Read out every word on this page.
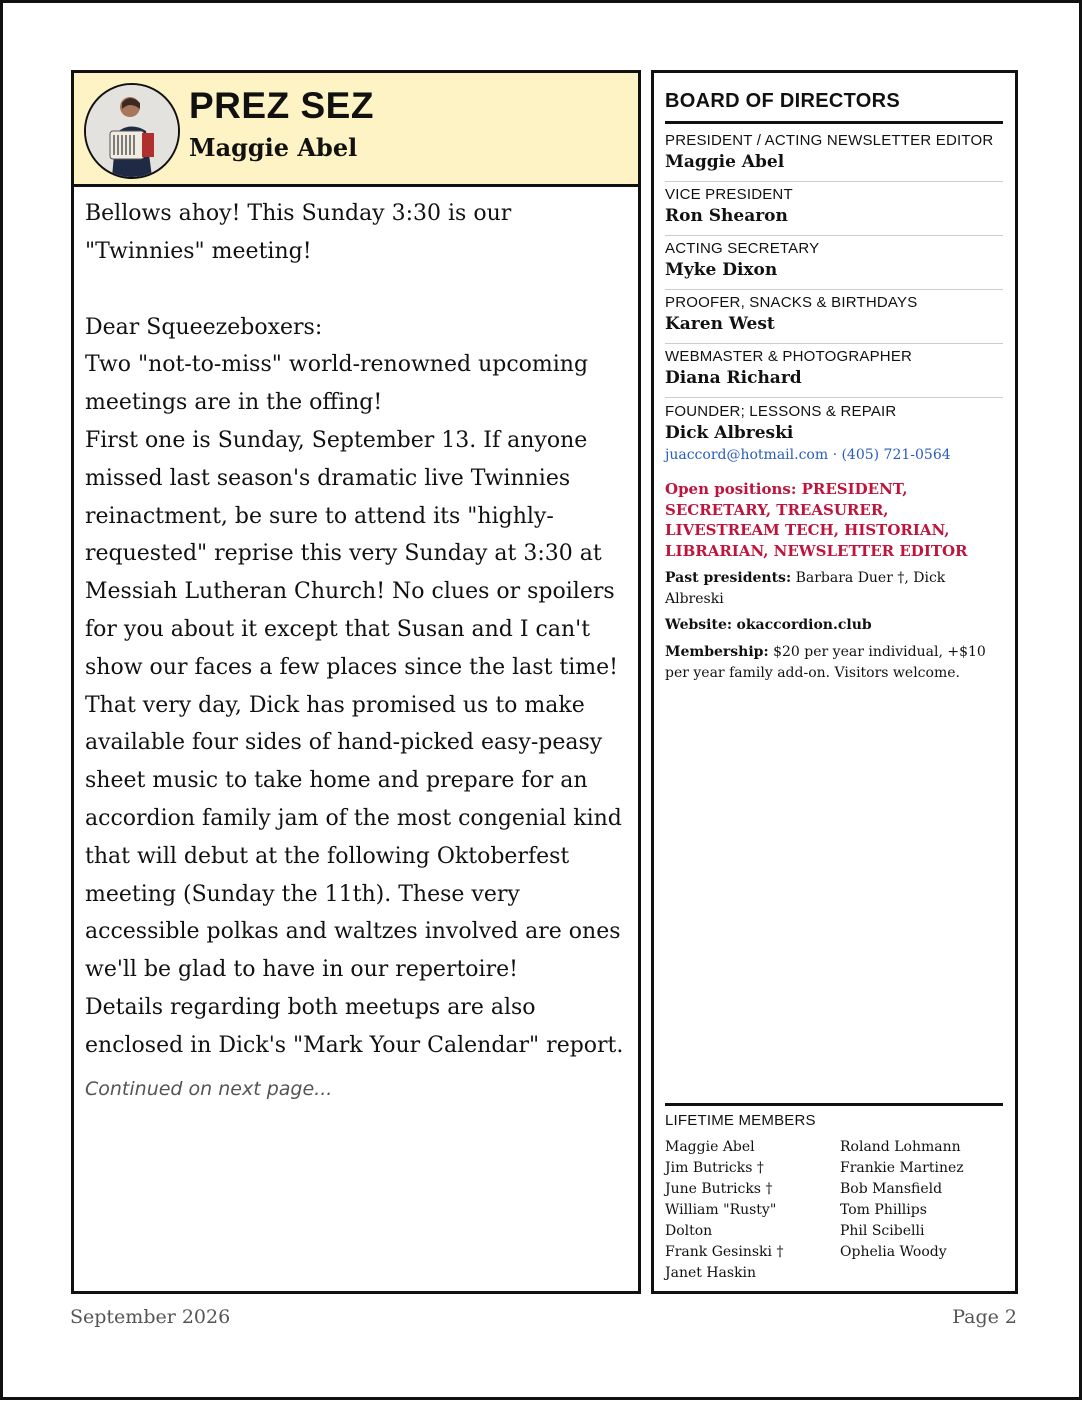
PREZ SEZ

Maggie Abel

Bellows ahoy! This Sunday 3:30 is our "Twinnies" meeting!

Dear Squeezeboxers:

Two "not-to-miss" world-renowned upcoming meetings are in the offing!

First one is Sunday, September 13. If anyone missed last season's dramatic live Twinnies reinactment, be sure to attend its "highly-requested" reprise this very Sunday at 3:30 at Messiah Lutheran Church! No clues or spoilers for you about it except that Susan and I can't show our faces a few places since the last time!

That very day, Dick has promised us to make available four sides of hand-picked easy-peasy sheet music to take home and prepare for an accordion family jam of the most congenial kind that will debut at the following Oktoberfest meeting (Sunday the 11th). These very accessible polkas and waltzes involved are ones we'll be glad to have in our repertoire!

Details regarding both meetups are also enclosed in Dick's "Mark Your Calendar" report.

Continued on next page...
BOARD OF DIRECTORS
PRESIDENT / ACTING NEWSLETTER EDITOR
Maggie Abel
VICE PRESIDENT
Ron Shearon
ACTING SECRETARY
Myke Dixon
PROOFER, SNACKS & BIRTHDAYS
Karen West
WEBMASTER & PHOTOGRAPHER
Diana Richard
FOUNDER; LESSONS & REPAIR
Dick Albreski
juaccord@hotmail.com · (405) 721-0564
Open positions: PRESIDENT, SECRETARY, TREASURER, LIVESTREAM TECH, HISTORIAN, LIBRARIAN, NEWSLETTER EDITOR
Past presidents: Barbara Duer †, Dick Albreski
Website: okaccordion.club
Membership: $20 per year individual, +$10 per year family add-on. Visitors welcome.
LIFETIME MEMBERS
Maggie Abel
Jim Butricks †
June Butricks †
William "Rusty" Dolton
Frank Gesinski †
Janet Haskin
Roland Lohmann
Frankie Martinez
Bob Mansfield
Tom Phillips
Phil Scibelli
Ophelia Woody
September 2026	Page 2
